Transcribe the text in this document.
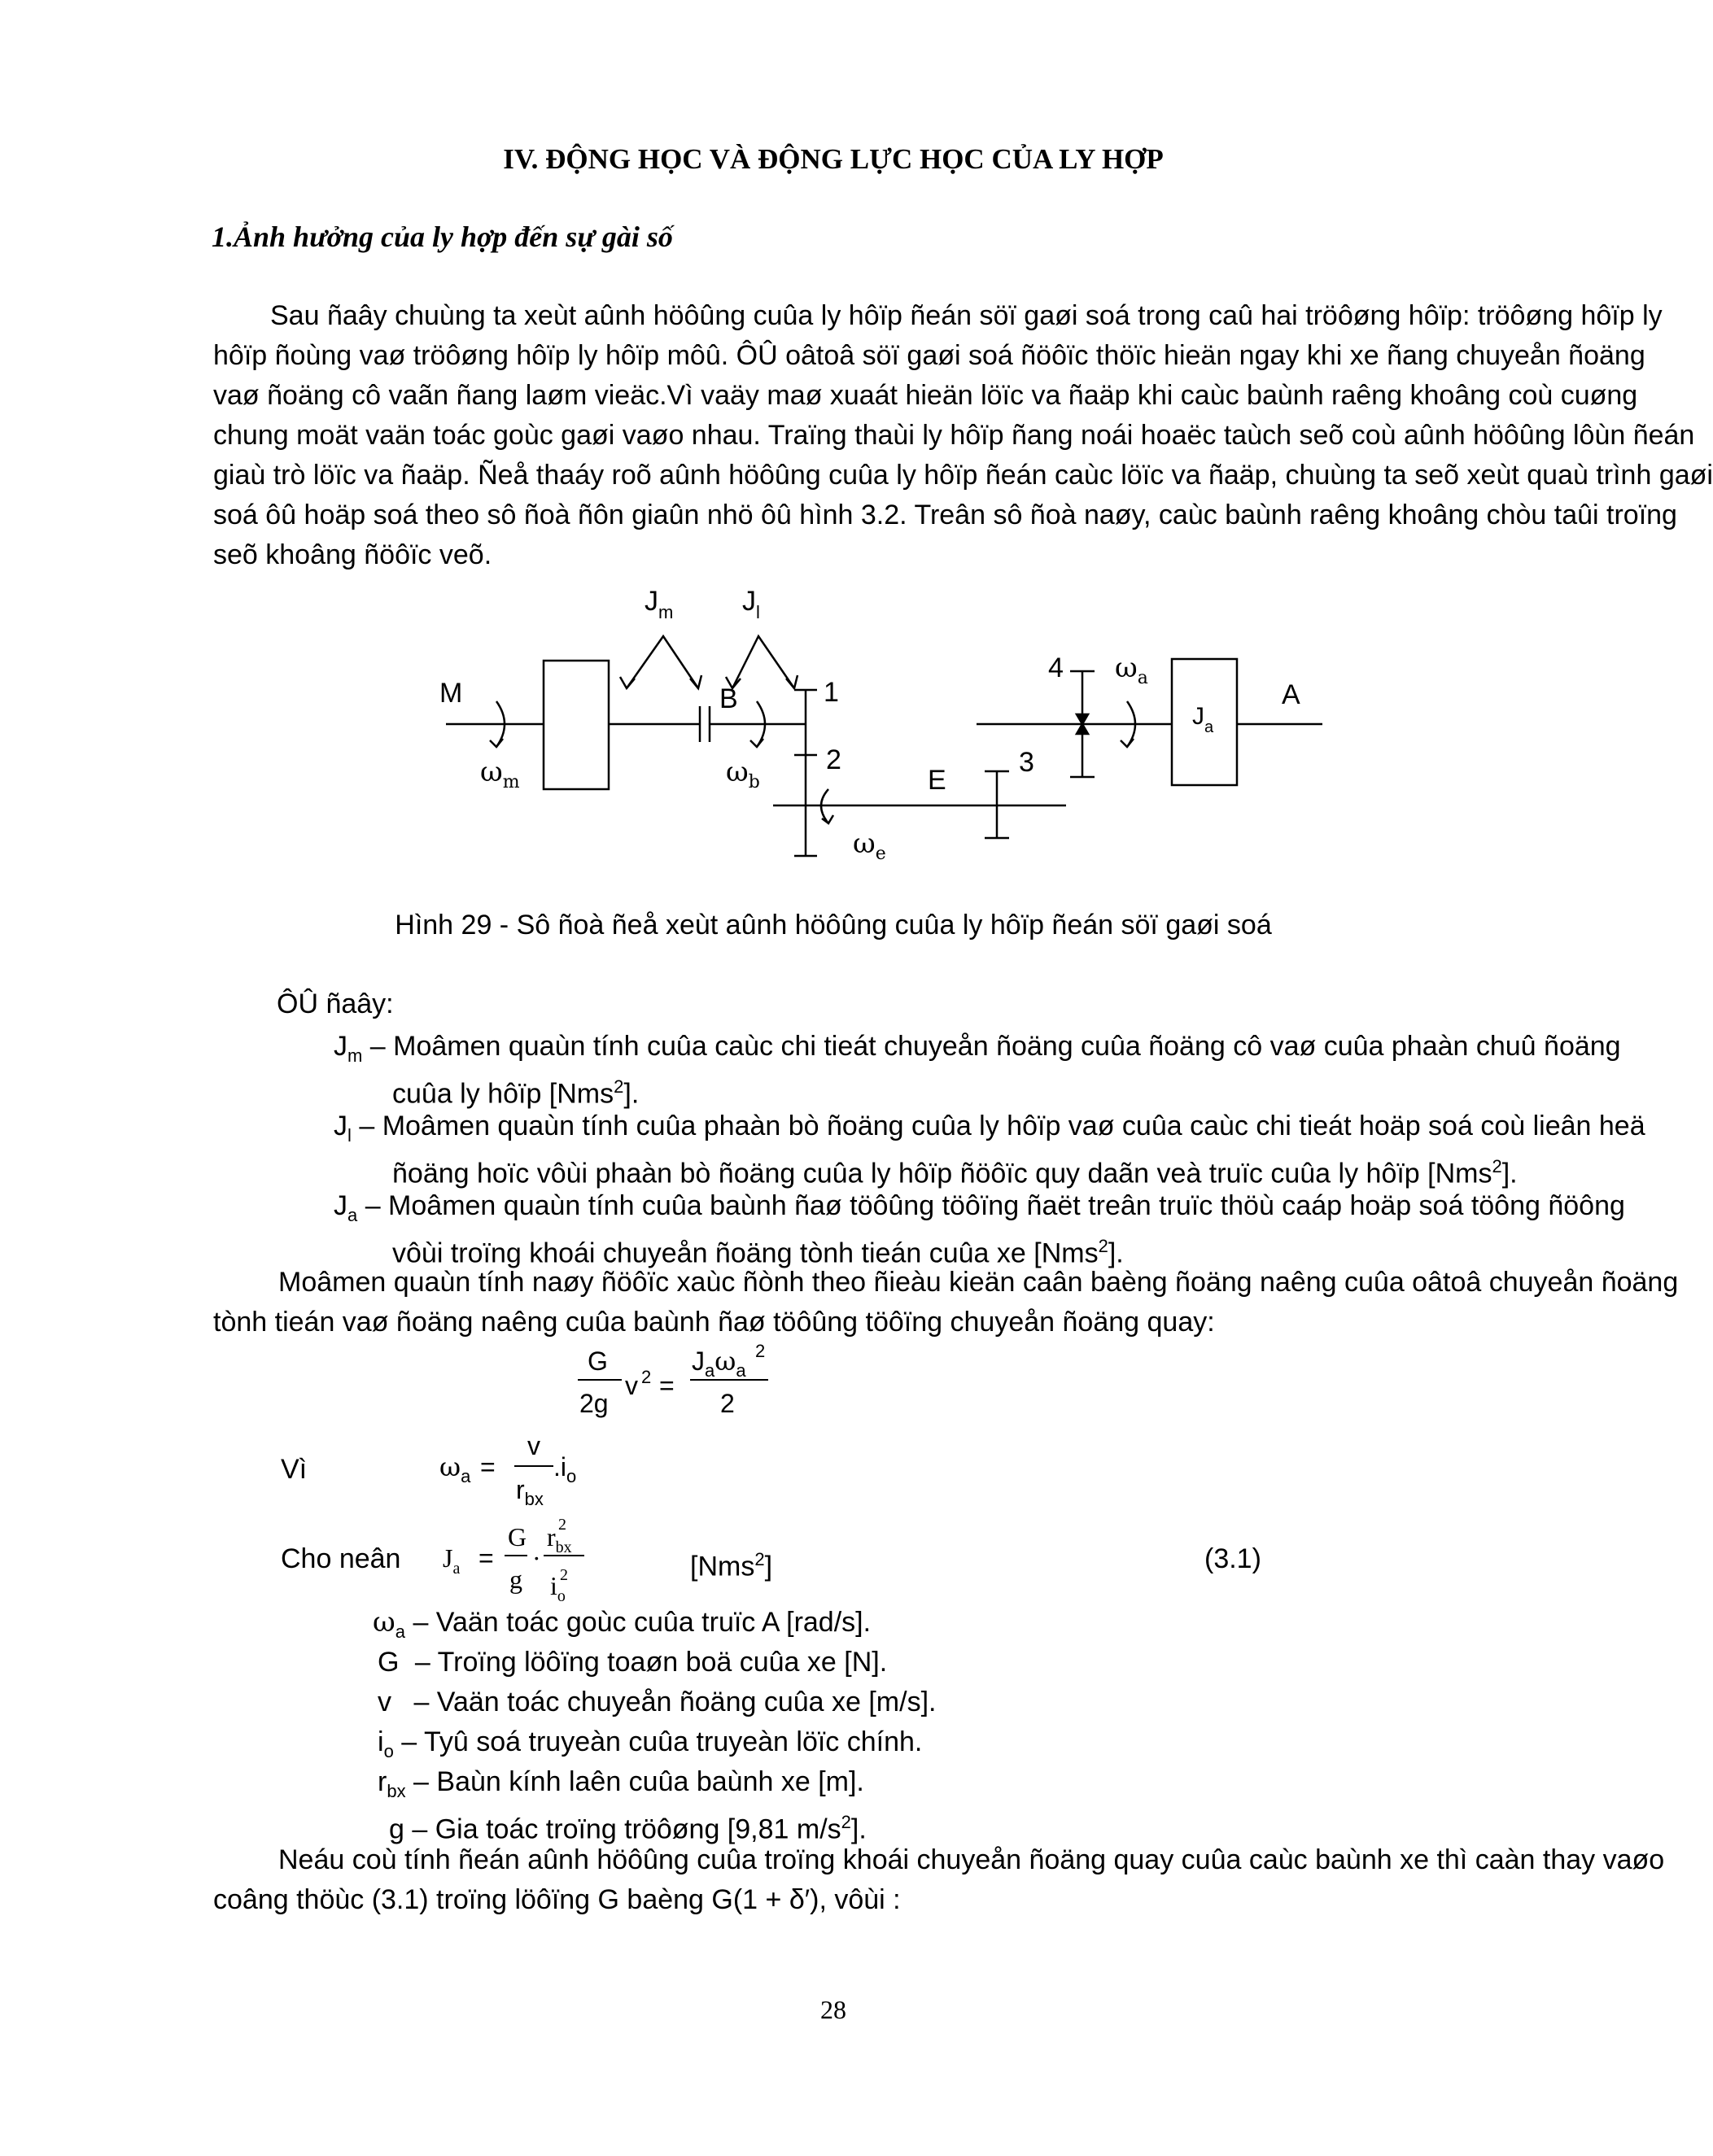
IV. ĐỘNG HỌC VÀ ĐỘNG LỰC HỌC CỦA LY HỢP
1.Ảnh hưởng của ly hợp đến sự gài số
Sau ñaây chuùng ta xeùt aûnh höôûng cuûa ly hôïp ñeán söï gaøi soá trong caû hai tröôøng hôïp: tröôøng hôïp ly
hôïp ñoùng vaø tröôøng hôïp ly hôïp môû. ÔÛ oâtoâ söï gaøi soá ñöôïc thöïc hieän ngay khi xe ñang chuyeån ñoäng
vaø ñoäng cô vaãn ñang laøm vieäc.Vì vaäy maø xuaát hieän löïc va ñaäp khi caùc baùnh raêng khoâng coù cuøng
chung moät vaän toác goùc gaøi vaøo nhau. Traïng thaùi ly hôïp ñang noái hoaëc taùch seõ coù aûnh höôûng lôùn ñeán
giaù trò löïc va ñaäp. Ñeå thaáy roõ aûnh höôûng cuûa ly hôïp ñeán caùc löïc va ñaäp, chuùng ta seõ xeùt quaù trình gaøi
soá ôû hoäp soá theo sô ñoà ñôn giaûn nhö ôû hình 3.2. Treân sô ñoà naøy, caùc baùnh raêng khoâng chòu taûi troïng
seõ khoâng ñöôïc veõ.
$J_m$ $J_l$
M	B	1
2	3
4
E
A
$J_a$
$\omega_m$	$\omega_b$
$\omega_e$
$\omega_a$
Hình 29 - Sô ñoà ñeå xeùt aûnh höôûng cuûa ly hôïp ñeán söï gaøi soá
ÔÛ ñaây:
$J_m$ – Moâmen quaùn tính cuûa caùc chi tieát chuyeån ñoäng cuûa ñoäng cô vaø cuûa phaàn chuû ñoäng
cuûa ly hôïp [Nms$^2$].
$J_l$ – Moâmen quaùn tính cuûa phaàn bò ñoäng cuûa ly hôïp vaø cuûa caùc chi tieát hoäp soá coù lieân heä
ñoäng hoïc vôùi phaàn bò ñoäng cuûa ly hôïp ñöôïc quy daãn veà truïc cuûa ly hôïp [Nms$^2$].
$J_a$ – Moâmen quaùn tính cuûa baùnh ñaø töôûng töôïng ñaët treân truïc thöù caáp hoäp soá töông ñöông
vôùi troïng khoái chuyeån ñoäng tònh tieán cuûa xe [Nms$^2$].
Moâmen quaùn tính naøy ñöôïc xaùc ñònh theo ñieàu kieän caân baèng ñoäng naêng cuûa oâtoâ chuyeån ñoäng
tònh tieán vaø ñoäng naêng cuûa baùnh ñaø töôûng töôïng chuyeån ñoäng quay:
G
2g
v 2 =
$J_a\omega_a$
2
2
Vì	$\omega_a$ =
v
$r_{bx}$
$.i_o$
Cho neân $J_a$ =
G
g
·
$r_{bx}$
2
$i_o$
2	[Nms$^2$]	(3.1)
$\omega_a$ – Vaän toác goùc cuûa truïc A [rad/s].
G – Troïng löôïng toaøn boä cuûa xe [N].
v – Vaän toác chuyeån ñoäng cuûa xe [m/s].
$i_o$ – Tyû soá truyeàn cuûa truyeàn löïc chính.
$r_{bx}$ – Baùn kính laên cuûa baùnh xe [m].
g – Gia toác troïng tröôøng [9,81 $m/s^2$].
Neáu coù tính ñeán aûnh höôûng cuûa troïng khoái chuyeån ñoäng quay cuûa caùc baùnh xe thì caàn thay vaøo
coâng thöùc (3.1) troïng löôïng G baèng G(1 + δ′), vôùi :
28
